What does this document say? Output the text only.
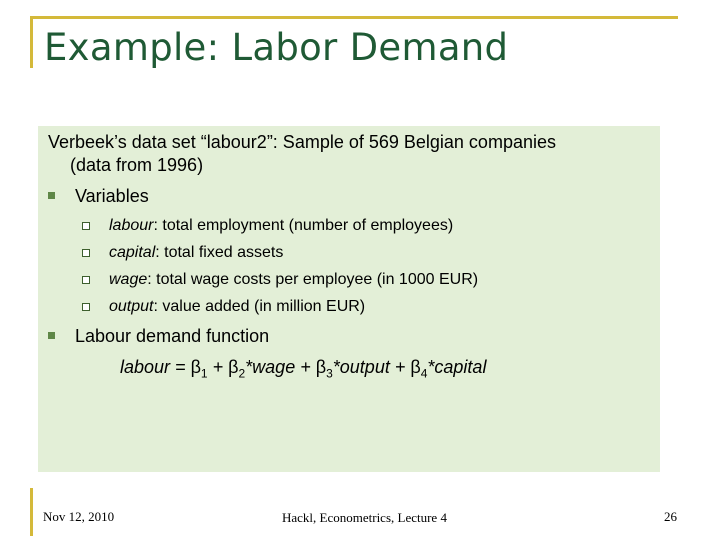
Example: Labor Demand
Verbeek’s data set “labour2”: Sample of 569 Belgian companies
(data from 1996)
Variables
labour: total employment (number of employees)
capital: total fixed assets
wage: total wage costs per employee (in 1000 EUR)
output: value added (in million EUR)
Labour demand function
labour = $\beta_1$ + $\beta_2*wage$ + $\beta_3*output$ + $\beta_4*capital$
Nov 12, 2010	Hackl, Econometrics, Lecture 4	26
